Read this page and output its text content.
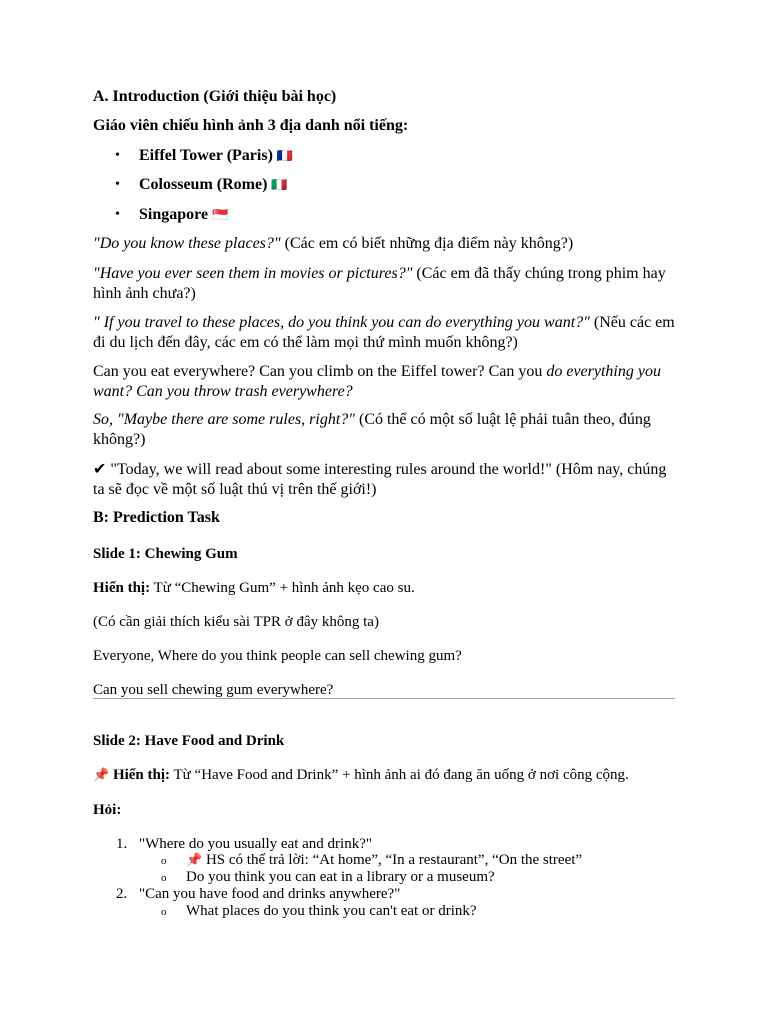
A. Introduction (Giới thiệu bài học)
Giáo viên chiếu hình ảnh 3 địa danh nổi tiếng:
• Eiffel Tower (Paris) 🇫🇷
• Colosseum (Rome) 🇮🇹
• Singapore 🇸🇬
"Do you know these places?" (Các em có biết những địa điểm này không?)
"Have you ever seen them in movies or pictures?" (Các em đã thấy chúng trong phim hay hình ảnh chưa?)
" If you travel to these places, do you think you can do everything you want?" (Nếu các em đi du lịch đến đây, các em có thể làm mọi thứ mình muốn không?)
Can you eat everywhere? Can you climb on the Eiffel tower? Can you do everything you want? Can you throw trash everywhere?
So, "Maybe there are some rules, right?" (Có thể có một số luật lệ phải tuân theo, đúng không?)
✔ "Today, we will read about some interesting rules around the world!" (Hôm nay, chúng ta sẽ đọc về một số luật thú vị trên thế giới!)
B: Prediction Task
Slide 1: Chewing Gum
Hiển thị: Từ “Chewing Gum” + hình ảnh kẹo cao su.
(Có cần giải thích kiểu sài TPR ở đây không ta)
Everyone, Where do you think people can sell chewing gum?
Can you sell chewing gum everywhere?
Slide 2: Have Food and Drink
📌 Hiển thị: Từ “Have Food and Drink” + hình ảnh ai đó đang ăn uống ở nơi công cộng.
Hỏi:
1. "Where do you usually eat and drink?"
o 📌 HS có thể trả lời: “At home”, “In a restaurant”, “On the street”
o Do you think you can eat in a library or a museum?
2. "Can you have food and drinks anywhere?"
o What places do you think you can't eat or drink?
